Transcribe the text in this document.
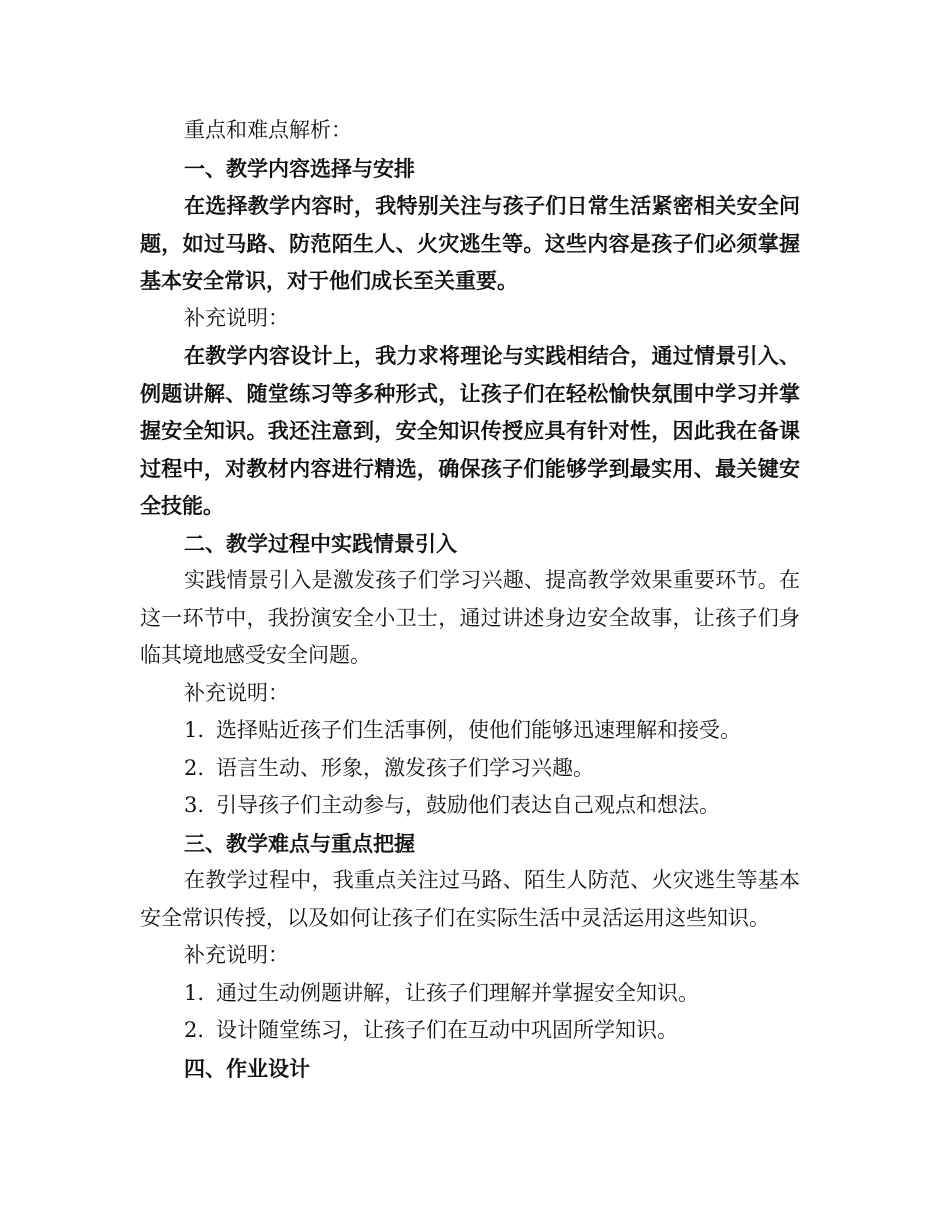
重点和难点解析：

一、教学内容选择与安排

在选择教学内容时，我特别关注与孩子们日常生活紧密相关安全问题，如过马路、防范陌生人、火灾逃生等。这些内容是孩子们必须掌握基本安全常识，对于他们成长至关重要。

补充说明：

在教学内容设计上，我力求将理论与实践相结合，通过情景引入、例题讲解、随堂练习等多种形式，让孩子们在轻松愉快氛围中学习并掌握安全知识。我还注意到，安全知识传授应具有针对性，因此我在备课过程中，对教材内容进行精选，确保孩子们能够学到最实用、最关键安全技能。

二、教学过程中实践情景引入

实践情景引入是激发孩子们学习兴趣、提高教学效果重要环节。在这一环节中，我扮演安全小卫士，通过讲述身边安全故事，让孩子们身临其境地感受安全问题。

补充说明：

1. 选择贴近孩子们生活事例，使他们能够迅速理解和接受。

2. 语言生动、形象，激发孩子们学习兴趣。

3. 引导孩子们主动参与，鼓励他们表达自己观点和想法。

三、教学难点与重点把握

在教学过程中，我重点关注过马路、陌生人防范、火灾逃生等基本安全常识传授，以及如何让孩子们在实际生活中灵活运用这些知识。

补充说明：

1. 通过生动例题讲解，让孩子们理解并掌握安全知识。

2. 设计随堂练习，让孩子们在互动中巩固所学知识。

四、作业设计
